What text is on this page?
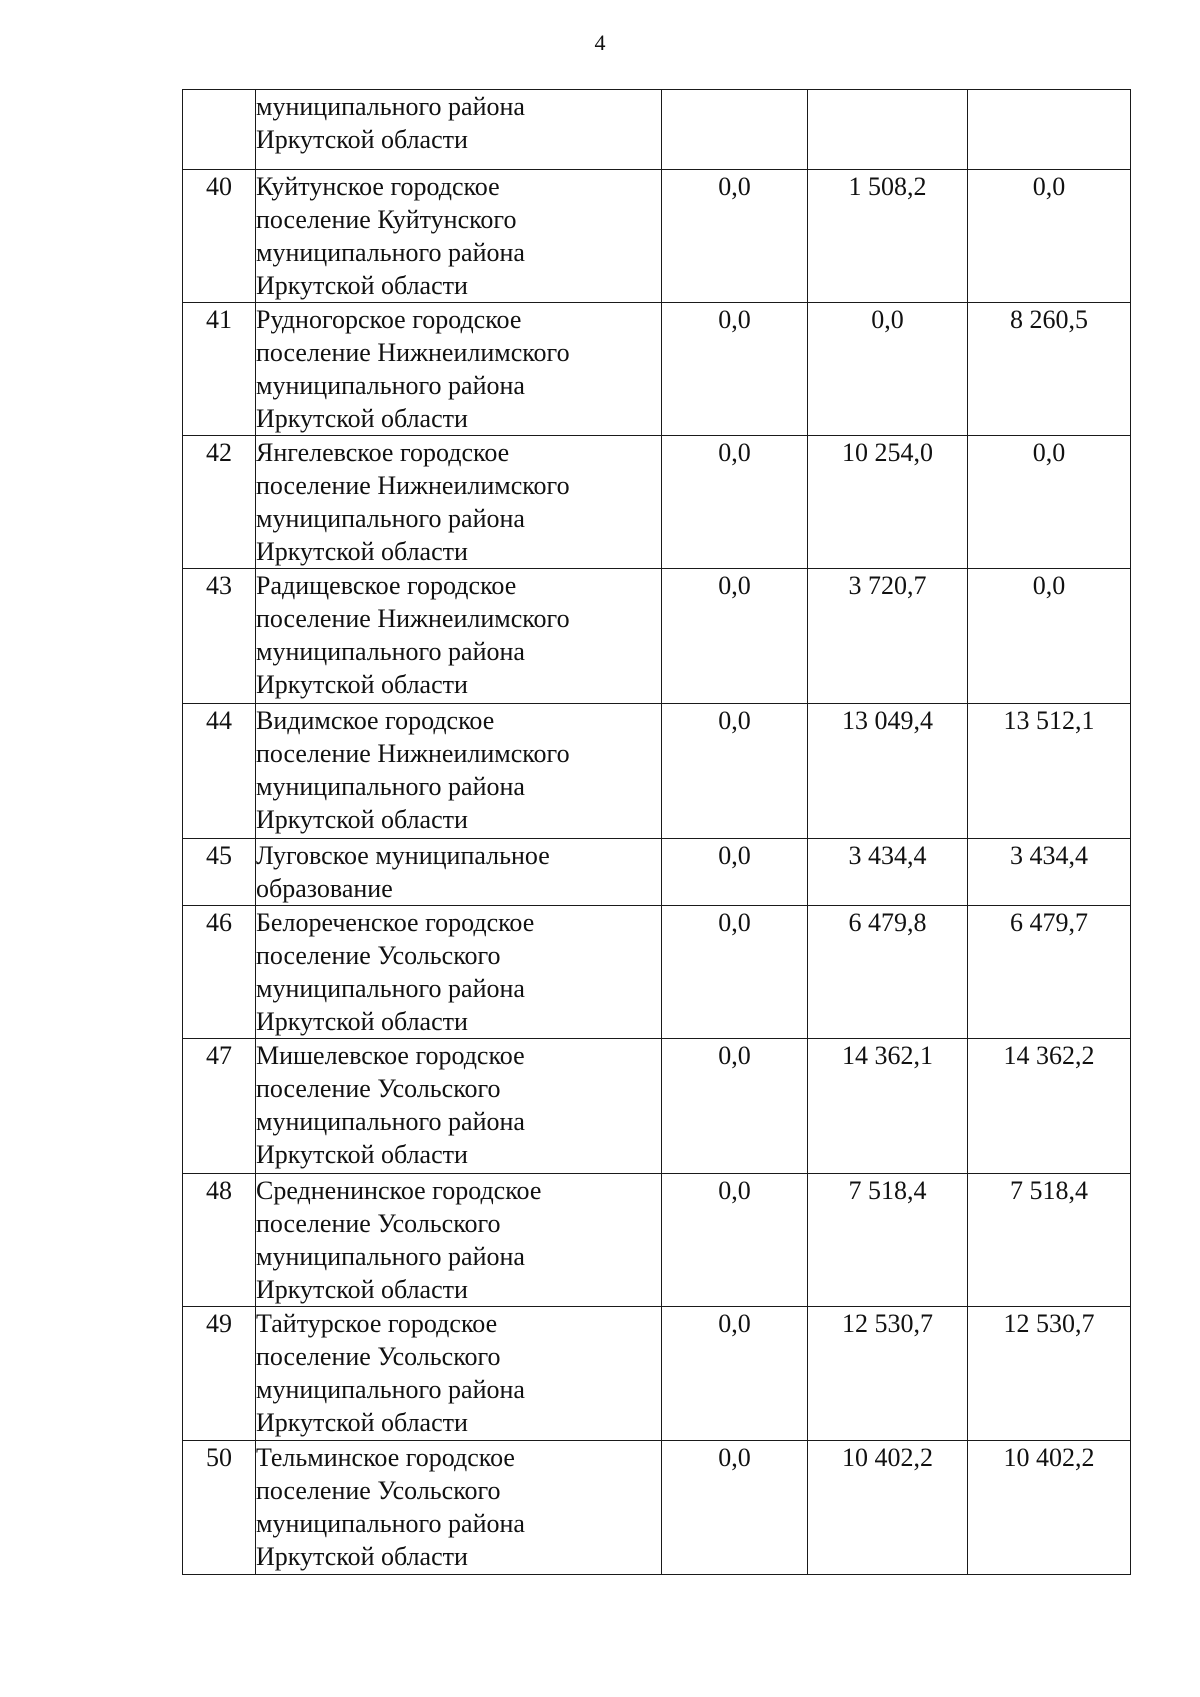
4

	муниципального района
Иркутской области			

40	Куйтунское городское
поселение Куйтунского
муниципального района
Иркутской области	0,0	1 508,2	0,0
41	Рудногорское городское
поселение Нижнеилимского
муниципального района
Иркутской области	0,0	0,0	8 260,5
42	Янгелевское городское
поселение Нижнеилимского
муниципального района
Иркутской области	0,0	10 254,0	0,0
43	Радищевское городское
поселение Нижнеилимского
муниципального района
Иркутской области	0,0	3 720,7	0,0
44	Видимское городское
поселение Нижнеилимского
муниципального района
Иркутской области	0,0	13 049,4	13 512,1
45	Луговское муниципальное
образование	0,0	3 434,4	3 434,4
46	Белореченское городское
поселение Усольского
муниципального района
Иркутской области	0,0	6 479,8	6 479,7
47	Мишелевское городское
поселение Усольского
муниципального района
Иркутской области	0,0	14 362,1	14 362,2
48	Средненинское городское
поселение Усольского
муниципального района
Иркутской области	0,0	7 518,4	7 518,4
49	Тайтурское городское
поселение Усольского
муниципального района
Иркутской области	0,0	12 530,7	12 530,7
50	Тельминское городское
поселение Усольского
муниципального района
Иркутской области	0,0	10 402,2	10 402,2
